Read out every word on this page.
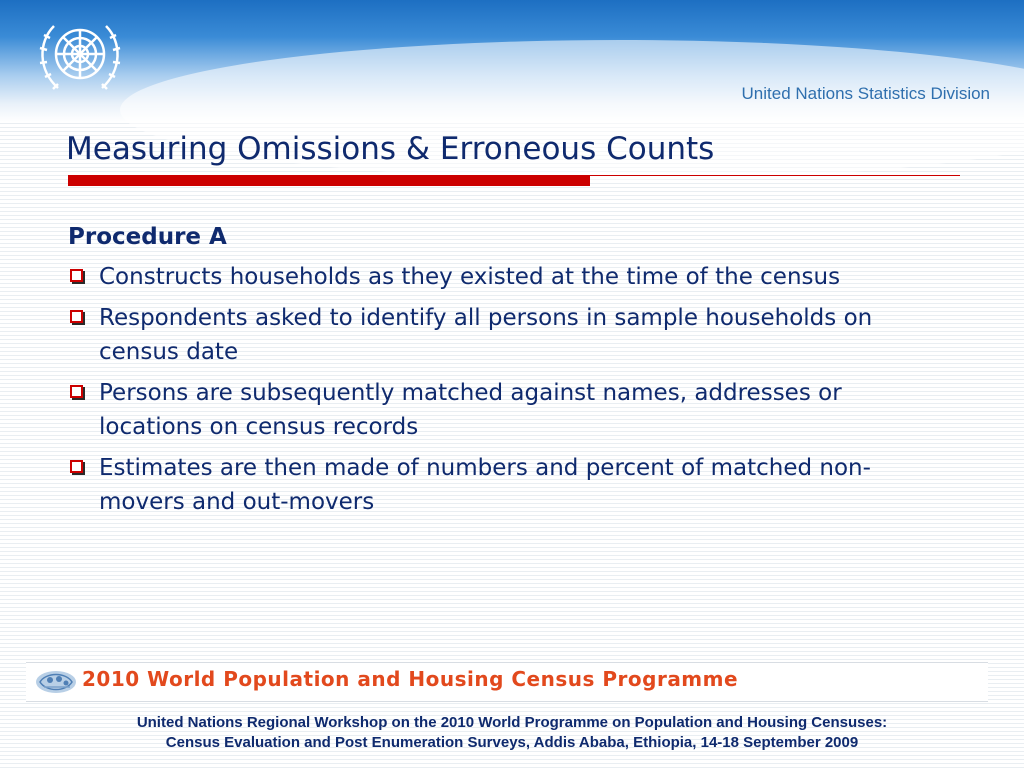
United Nations Statistics Division
Measuring Omissions & Erroneous Counts

Procedure A

Constructs households as they existed at the time of the census
Respondents asked to identify all persons in sample households on census date
Persons are subsequently matched against names, addresses or locations on census records
Estimates are then made of numbers and percent of matched non-movers and out-movers
2010 World Population and Housing Census Programme
United Nations Regional Workshop on the 2010 World Programme on Population and Housing Censuses:
Census Evaluation and Post Enumeration Surveys, Addis Ababa, Ethiopia, 14-18 September 2009
